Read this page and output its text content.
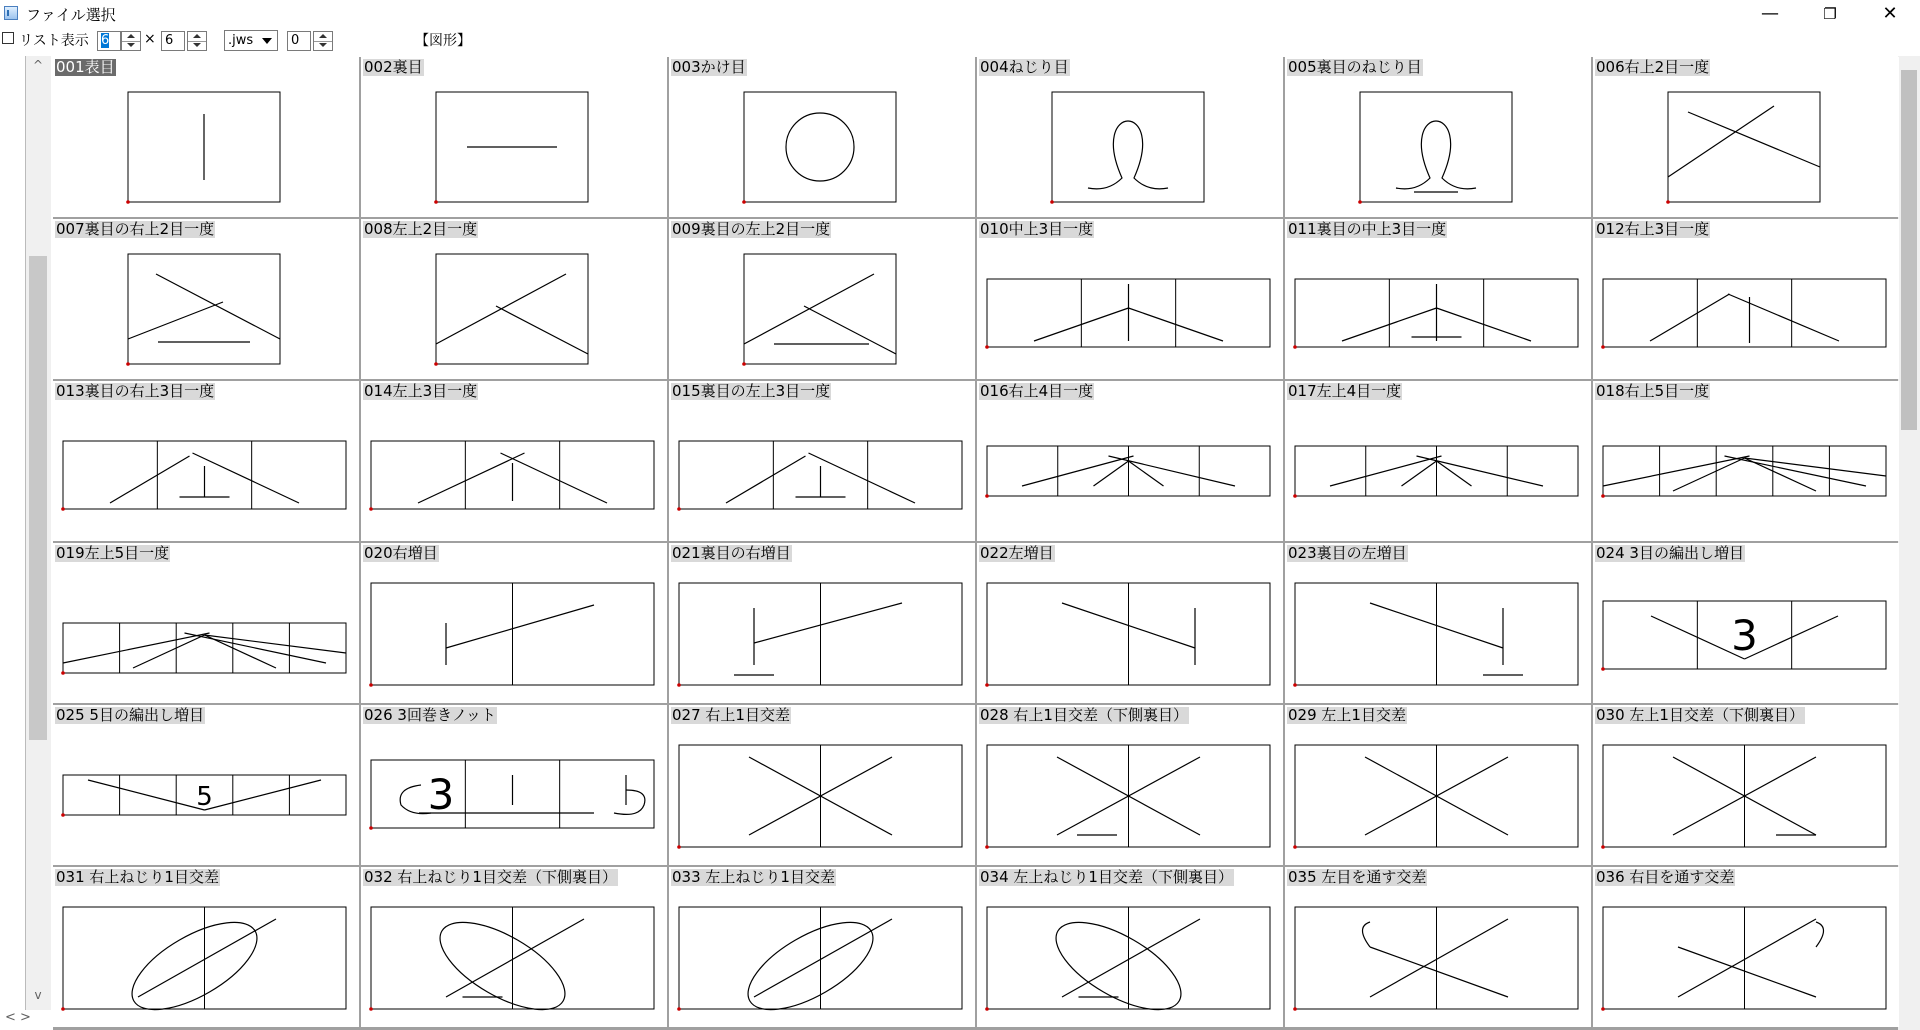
ファイル選択	—	❐	✕
リスト表示 6	× 6	.jws	0	【図形】
^
v
< >
001表目	002裏目	003かけ目	004ねじり目	005裏目のねじり目	006右上2目一度
007裏目の右上2目一度	008左上2目一度	009裏目の左上2目一度	010中上3目一度	011裏目の中上3目一度	012右上3目一度
013裏目の右上3目一度	014左上3目一度	015裏目の左上3目一度	016右上4目一度	017左上4目一度	018右上5目一度
019左上5目一度	020右増目	021裏目の右増目	022左増目	023裏目の左増目
3
024 3目の編出し増目
5
025 5目の編出し増目
3
026 3回巻きノット	027 右上1目交差	028 右上1目交差（下側裏目）	029 左上1目交差	030 左上1目交差（下側裏目）
031 右上ねじり1目交差	032 右上ねじり1目交差（下側裏目）	033 左上ねじり1目交差	034 左上ねじり1目交差（下側裏目）	035 左目を通す交差	036 右目を通す交差
